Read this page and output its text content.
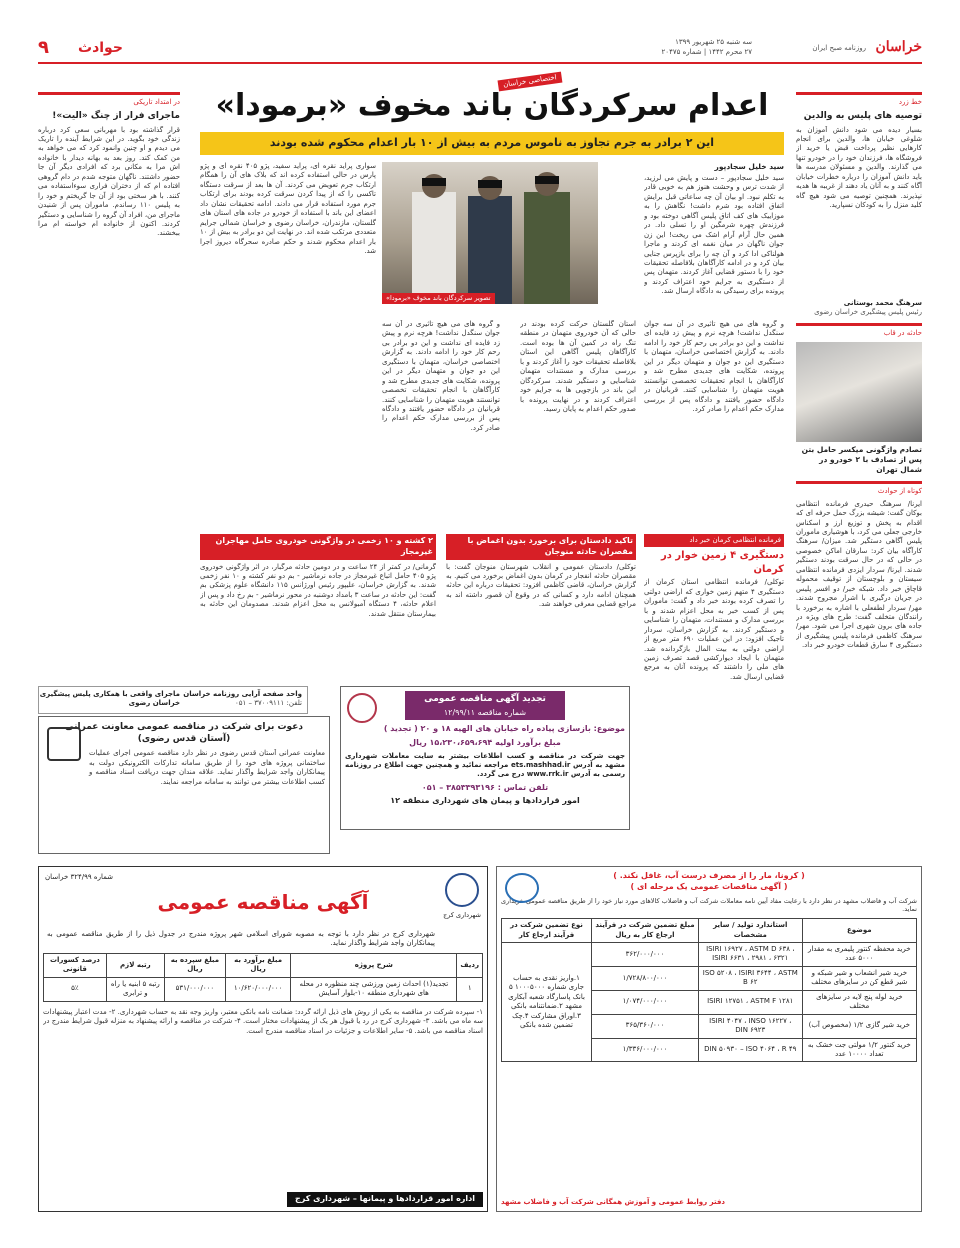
خراسان
روزنامه صبح ایران
سه شنبه ۲۵ شهریور ۱۳۹۹
۲۷ محرم ۱۴۴۲ | شماره ۲۰۴۷۵
حوادث
۹
خط زرد
توصیه های پلیس به والدین
بسیار دیده می شود دانش آموزان به شلوغی خیابان ها، والدین برای انجام کارهایی نظیر پرداخت قبض یا خرید از فروشگاه ها، فرزندان خود را در خودرو تنها می گذارند. والدین و مسئولان مدرسه ها باید دانش آموزان را درباره خطرات خیابان آگاه کنند و به آنان یاد دهند از غریبه ها هدیه نپذیرند. همچنین توصیه می شود هیچ گاه کلید منزل را به کودکان نسپارید.
سرهنگ محمد بوستانی
رئیس پلیس پیشگیری خراسان رضوی
حادثه در قاب
تصادم واژگونی میکسر حامل بتن پس از تصادف با ۲ خودرو در شمال تهران
کوتاه از حوادث
ایرنا/ سرهنگ حیدری فرمانده انتظامی بوکان گفت: شیشه بزرگ حمل حرفه ای که اقدام به پخش و توزیع ارز و اسکناس خارجی جعلی می کرد، با هوشیاری ماموران پلیس آگاهی دستگیر شد. میزان/ سرهنگ کارآگاه بیان کرد: سارقان اماکن خصوصی در حالی که در حال سرقت بودند دستگیر شدند. ایرنا/ سردار ایزدی فرمانده انتظامی سیستان و بلوچستان از توقیف محموله قاچاق خبر داد. شبکه خبر/ دو افسر پلیس در جریان درگیری با اشرار مجروح شدند. مهر/ سردار لطفعلی با اشاره به برخورد با رانندگان متخلف گفت: طرح های ویژه در جاده های برون شهری اجرا می شود. مهر/ سرهنگ کاظمی فرمانده پلیس پیشگیری از دستگیری ۴ سارق قطعات خودرو خبر داد.
در امتداد تاریکی
ماجرای فرار از چنگ «الیت»!
قرار گذاشته بود با مهربانی سعی کرد درباره زندگی خود بگوید. در این شرایط آینده را تاریک می دیدم و او چنین وانمود کرد که می خواهد به من کمک کند. روز بعد به بهانه دیدار با خانواده اش مرا به مکانی برد که افرادی دیگر آن جا حضور داشتند. ناگهان متوجه شدم در دام گروهی افتاده ام که از دختران فراری سوءاستفاده می کنند. با هر سختی بود از آن جا گریختم و خود را به پلیس ۱۱۰ رساندم. ماموران پس از شنیدن ماجرای من، افراد آن گروه را شناسایی و دستگیر کردند. اکنون از خانواده ام خواسته ام مرا ببخشند.
ماجرای واقعی با همکاری پلیس پیشگیری خراسان رضوی
اختصاصی خراسان
اعدام سرکردگان باند مخوف «برمودا»
این ۲ برادر به جرم تجاوز به ناموس مردم به بیش از ۱۰ بار اعدام محکوم شده بودند
تصویر سرکردگان باند مخوف «برمودا»
سید خلیل سجادپور
سید خلیل سجادپور – دست و پایش می لرزید، از شدت ترس و وحشت هنوز هم به خوبی قادر به تکلم نبود. او بیان آن چه ساعاتی قبل برایش اتفاق افتاده بود شرم داشت! نگاهش را به موزاییک های کف اتاق پلیس آگاهی دوخته بود و فرزندش چهره شرمگین او را تسلی داد. در همین حال آرام آرام اشک می ریخت! این زن جوان ناگهان در میان نغمه ای کردند و ماجرا هولناکی ادا کرد و آن چه را برای بازپرس جنایی بیان کرد و در ادامه کارآگاهان بلافاصله تحقیقات خود را با دستور قضایی آغاز کردند. متهمان پس از دستگیری به جرایم خود اعتراف کردند و پرونده برای رسیدگی به دادگاه ارسال شد.
سواری پراید نقره ای، پراید سفید، پژو ۴۰۵ نقره ای و پژو پارس در حالی استفاده کرده اند که بلاک های آن را همگام ارتکاب جرم تعویض می کردند. آن ها بعد از سرقت دستگاه تاکسی را که از پیدا کردن سرقت کرده بودند برای ارتکاب جرم مورد استفاده قرار می دادند. ادامه تحقیقات نشان داد اعضای این باند با استفاده از خودرو در جاده های استان های گلستان، مازندران، خراسان رضوی و خراسان شمالی جرایم متعددی مرتکب شده اند. در نهایت این دو برادر به بیش از ۱۰ بار اعدام محکوم شدند و حکم صادره سحرگاه دیروز اجرا شد.
و گروه های می هیچ تاثیری در آن سه جوان سنگدل نداشت! هرچه نرم و پیش زد فایده ای نداشت و این دو برادر بی رحم کار خود را ادامه دادند. به گزارش اختصاصی خراسان، متهمان با دستگیری این دو جوان و متهمان دیگر در این پرونده، شکایت های جدیدی مطرح شد و کارآگاهان با انجام تحقیقات تخصصی توانستند هویت متهمان را شناسایی کنند. قربانیان در دادگاه حضور یافتند و دادگاه پس از بررسی مدارک حکم اعدام را صادر کرد.
استان گلستان حرکت کرده بودند در حالی که آن خودروی متهمان در منطقه تنگ راه در کمین آن ها بوده است. کارآگاهان پلیس آگاهی این استان بلافاصله تحقیقات خود را آغاز کردند و با بررسی مدارک و مستندات متهمان شناسایی و دستگیر شدند. سرکردگان این باند در بازجویی ها به جرایم خود اعتراف کردند و در نهایت پرونده با صدور حکم اعدام به پایان رسید.
و گروه های می هیچ تاثیری در آن سه جوان سنگدل نداشت! هرچه نرم و پیش زد فایده ای نداشت و این دو برادر بی رحم کار خود را ادامه دادند. به گزارش اختصاصی خراسان، متهمان با دستگیری این دو جوان و متهمان دیگر در این پرونده، شکایت های جدیدی مطرح شد و کارآگاهان با انجام تحقیقات تخصصی توانستند هویت متهمان را شناسایی کنند. قربانیان در دادگاه حضور یافتند و دادگاه پس از بررسی مدارک حکم اعدام را صادر کرد.
فرمانده انتظامی کرمان خبر داد
دستگیری ۴ زمین خوار در کرمان
توکلی/ فرمانده انتظامی استان کرمان از دستگیری ۴ متهم زمین خواری که اراضی دولتی را تصرف کرده بودند خبر داد و گفت: ماموران پس از کسب خبر به محل اعزام شدند و با بررسی مدارک و مستندات، متهمان را شناسایی و دستگیر کردند. به گزارش خراسان، سردار تاجیک افزود: در این عملیات ۶۹۰ متر مربع از اراضی دولتی به بیت المال بازگردانده شد. متهمان با ایجاد دیوارکشی قصد تصرف زمین های ملی را داشتند که پرونده آنان به مرجع قضایی ارسال شد.
تاکید دادستان برای برخورد بدون اغماض با مقصران حادثه منوجان
توکلی/ دادستان عمومی و انقلاب شهرستان منوجان گفت: با مقصران حادثه انفجار در کرمان بدون اغماض برخورد می کنیم. به گزارش خراسان، قاضی کاظمی افزود: تحقیقات درباره این حادثه همچنان ادامه دارد و کسانی که در وقوع آن قصور داشته اند به مراجع قضایی معرفی خواهند شد.
۲ کشته و ۱۰ زخمی در واژگونی خودروی حامل مهاجران غیرمجاز
گرمانی/ در کمتر از ۲۴ ساعت و در دومین حادثه مرگبار، در اثر واژگونی خودروی پژو ۴۰۵ حامل اتباع غیرمجاز در جاده نرماشیر - بم دو نفر کشته و ۱۰ نفر زخمی شدند. به گزارش خراسان، علیپور رئیس اورژانس ۱۱۵ دانشگاه علوم پزشکی بم گفت: این حادثه در ساعت ۳ بامداد دوشنبه در محور نرماشیر - بم رخ داد و پس از اعلام حادثه، ۴ دستگاه آمبولانس به محل اعزام شدند. مصدومان این حادثه به بیمارستان منتقل شدند.
واحد صفحه آرایی روزنامه خراسان
تلفن: ۳۷۰۰۹۱۱۱ – ۰۵۱	تجدید آگهی مناقصه عمومی
شماره مناقصه ۱۲/۹۹/۱۱
موضوع: بازسازی پیاده راه خیابان های الهیه ۱۸ و ۲۰ ( تجدید )
مبلغ برآورد اولیه ۱۵،۲۳۰،۶۵۹،۶۹۴ ریال
جهت شرکت در مناقصه و کسب اطلاعات بیشتر به سایت معاملات شهرداری مشهد به آدرس ets.mashhad.ir مراجعه نمائید و همچنین جهت اطلاع در روزنامه رسمی به آدرس www.rrk.ir درج می گردد.
تلفن تماس : ۳۸۵۳۳۹۳۱۹۶ – ۰۵۱
امور قراردادها و پیمان های شهرداری منطقه ۱۲
دعوت برای شرکت در مناقصه عمومی معاونت عمرانی
(آستان قدس رضوی)
معاونت عمرانی آستان قدس رضوی در نظر دارد مناقصه عمومی اجرای عملیات ساختمانی پروژه های خود را از طریق سامانه تدارکات الکترونیکی دولت به پیمانکاران واجد شرایط واگذار نماید. علاقه مندان جهت دریافت اسناد مناقصه و کسب اطلاعات بیشتر می توانند به سامانه مراجعه نمایند.
( کرونا، مار را از مصرف درست آب، غافل نکند. )
( آگهی مناقصات عمومی یک مرحله ای )
شرکت آب و فاضلاب مشهد در نظر دارد با رعایت مفاد آیین نامه معاملات شرکت آب و فاضلاب کالاهای مورد نیاز خود را از طریق مناقصه عمومی خریداری نماید.
موضوع	استاندارد تولید / سایر مشخصات	مبلغ تضمین شرکت در فرآیند ارجاع کار به ریال	نوع تضمین شرکت در فرآیند ارجاع کار
خرید محفظه کنتور پلیمری به مقدار ۵۰۰۰ عدد	ISIRI ۱۶۹۲۷ ، ASTM D ۶۳۸ ، ISIRI ۶۶۳۱ ، ۲۹۸۱ ، ۶۳۲۱	۳۶۲/۰۰۰/۰۰۰	۱.واریز نقدی به حساب جاری شماره ۱۰۰۰۵۰۰۰ ۵ بانک پاسارگاد شعبه آبکاری مشهد ۲.ضمانتنامه بانکی ۳.اوراق مشارکت ۴.چک تضمین شده بانکی
خرید شیر انشعاب و شیر شبکه و شیر قطع کن در سایزهای مختلف	ISO ۵۲۰۸ ، ISIRI ۳۶۴۴ ، ASTM B ۶۲	۱/۷۲۸/۸۰۰/۰۰۰	
خرید لوله پنج لایه در سایزهای مختلف	ISIRI ۱۲۷۵۱ ، ASTM F ۱۲۸۱	۱/۰۷۴/۰۰۰/۰۰۰	
خرید شیر گازی ۱/۲ (مخصوص آب)	ISIRI ۴۰۴۷ ، INSO ۱۶۲۲۷ ، DIN ۶۹۲۳	۳۶۵/۳۶۰/۰۰۰	
خرید کنتور ۱/۲ مولتی جت خشک به تعداد ۱۰۰۰۰ عدد	DIN ۵۰۹۳۰ – ISO ۴۰۶۴ ، R ۴۹	۱/۳۳۶/۰۰۰/۰۰۰	
دفتر روابط عمومی و آموزش همگانی شرکت آب و فاضلاب مشهد
شماره ۳۲۴/۹۹ خراسان
شهرداری کرج
آگهی مناقصه عمومی
شهرداری کرج در نظر دارد با توجه به مصوبه شورای اسلامی شهر پروژه مندرج در جدول ذیل را از طریق مناقصه عمومی به پیمانکاران واجد شرایط واگذار نماید.
ردیف	شرح پروژه	مبلغ برآورد به ریال	مبلغ سپرده به ریال	رتبه لازم	درصد کسورات قانونی
۱	تجدید(۱) احداث زمین ورزشی چند منظوره در محله های شهرداری منطقه ۱۰-بلوار آسایش	۱۰/۶۲۰/۰۰۰/۰۰۰	۵۳۱/۰۰۰/۰۰۰	رتبه ۵ ابنیه یا راه و ترابری	۵٪
۱- سپرده شرکت در مناقصه به یکی از روش های ذیل ارائه گردد: ضمانت نامه بانکی معتبر، واریز وجه نقد به حساب شهرداری. ۲- مدت اعتبار پیشنهادات سه ماه می باشد. ۳- شهرداری کرج در رد یا قبول هر یک از پیشنهادات مختار است. ۴- شرکت در مناقصه و ارائه پیشنهاد به منزله قبول شرایط مندرج در اسناد مناقصه می باشد. ۵- سایر اطلاعات و جزئیات در اسناد مناقصه مندرج است.
اداره امور قراردادها و پیمانها – شهرداری کرج
